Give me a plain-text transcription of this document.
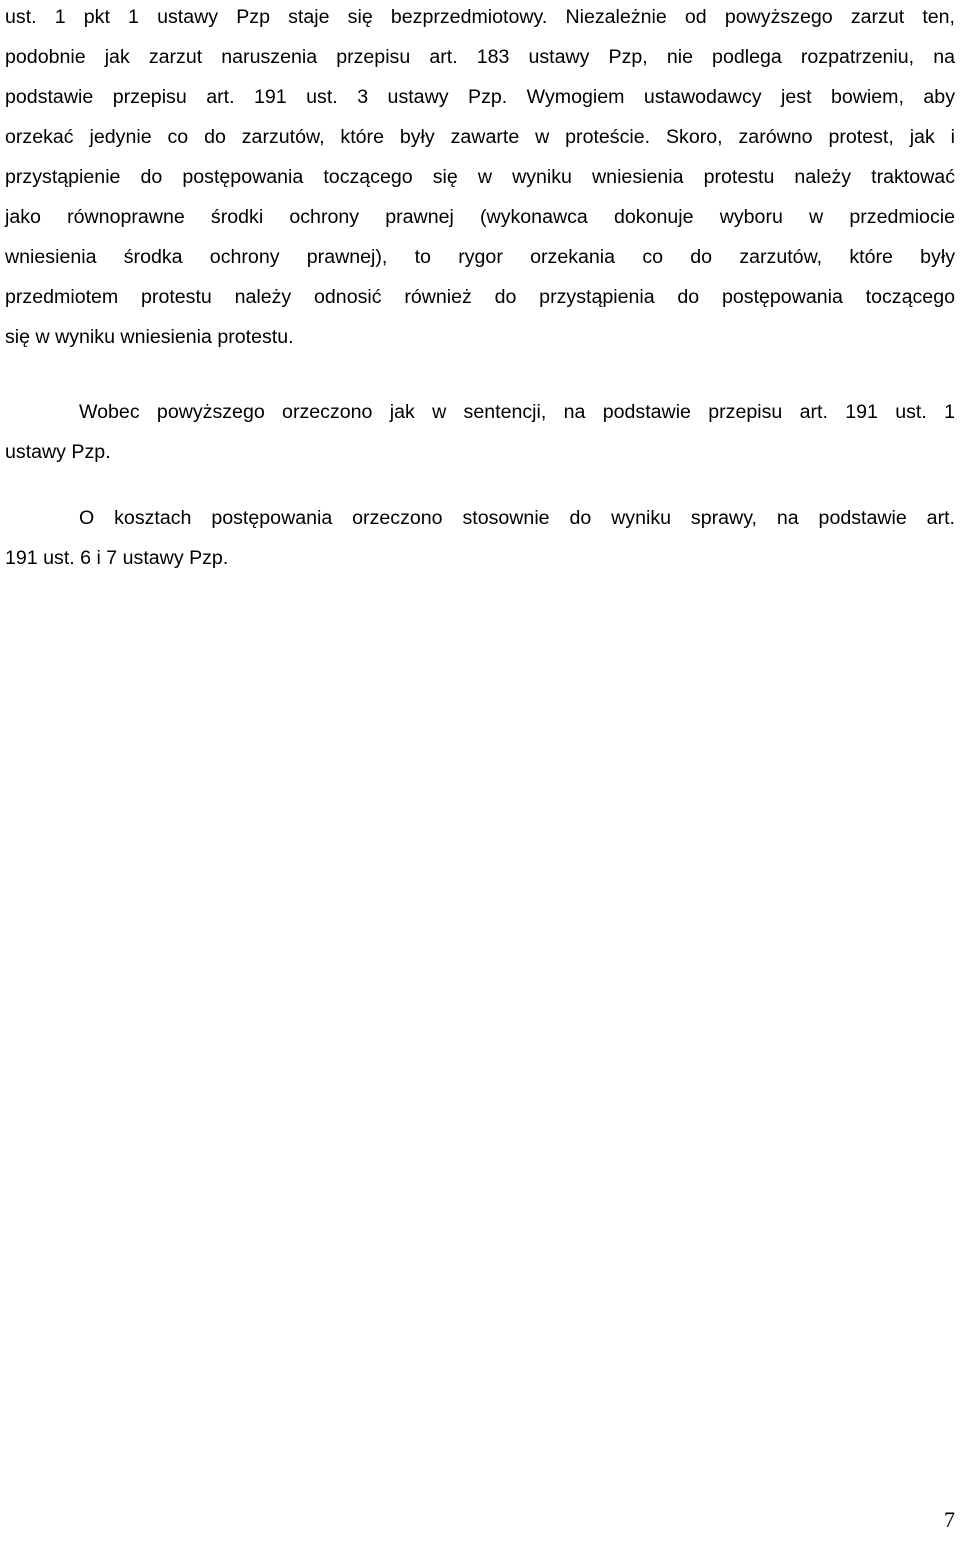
ust. 1 pkt 1 ustawy Pzp staje się bezprzedmiotowy. Niezależnie od powyższego zarzut ten,
podobnie jak zarzut naruszenia przepisu art. 183 ustawy Pzp, nie podlega rozpatrzeniu, na
podstawie przepisu art. 191 ust. 3 ustawy Pzp. Wymogiem ustawodawcy jest bowiem, aby
orzekać jedynie co do zarzutów, które były zawarte w proteście. Skoro, zarówno protest, jak i
przystąpienie do postępowania toczącego się w wyniku wniesienia protestu należy traktować
jako równoprawne środki ochrony prawnej (wykonawca dokonuje wyboru w przedmiocie
wniesienia środka ochrony prawnej), to rygor orzekania co do zarzutów, które były
przedmiotem protestu należy odnosić również do przystąpienia do postępowania toczącego
się w wyniku wniesienia protestu.
Wobec powyższego orzeczono jak w sentencji, na podstawie przepisu art. 191 ust. 1
ustawy Pzp.
O kosztach postępowania orzeczono stosownie do wyniku sprawy, na podstawie art.
191 ust. 6 i 7 ustawy Pzp.
7
